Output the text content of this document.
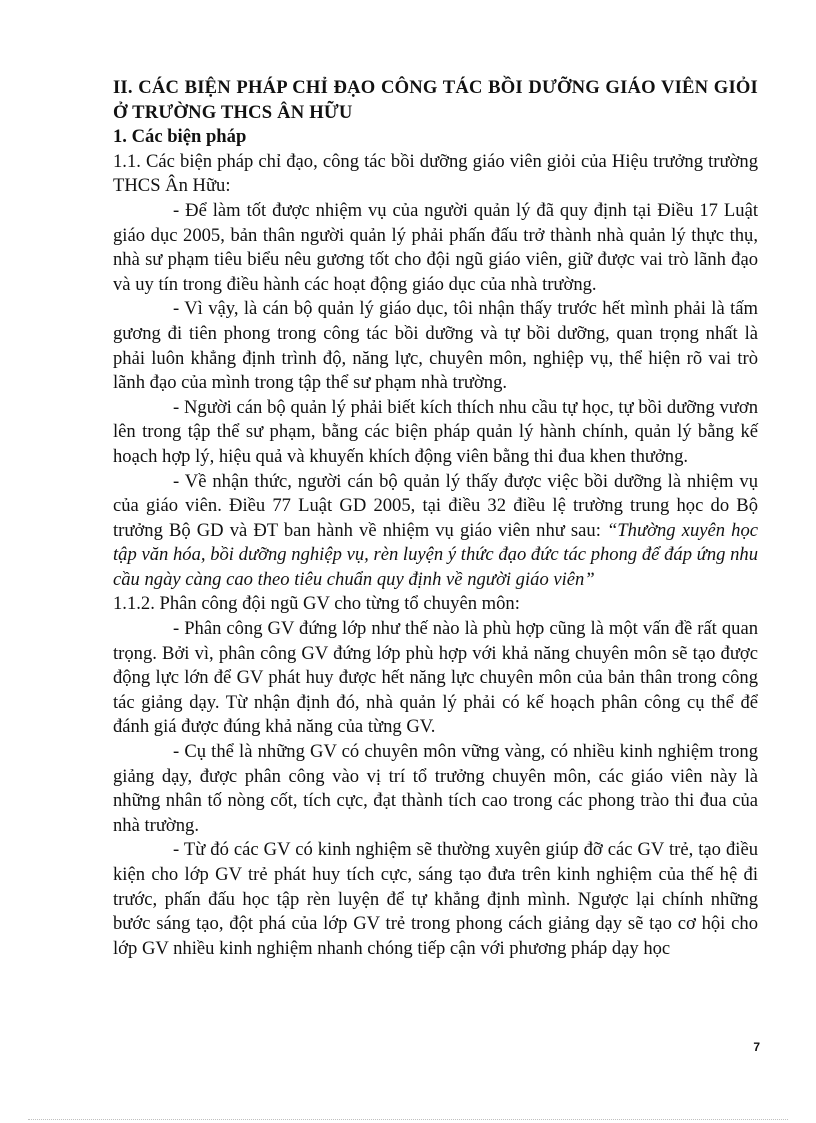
II. CÁC BIỆN PHÁP CHỈ ĐẠO CÔNG TÁC BỒI DƯỠNG GIÁO VIÊN GIỎI Ở TRƯỜNG THCS ÂN HỮU

1. Các biện pháp

1.1. Các biện pháp chỉ đạo, công tác bồi dưỡng giáo viên giỏi của Hiệu trưởng trường THCS Ân Hữu:

- Để làm tốt được nhiệm vụ của người quản lý đã quy định tại Điều 17 Luật giáo dục 2005, bản thân người quản lý phải phấn đấu trở thành nhà quản lý thực thụ, nhà sư phạm tiêu biểu nêu gương tốt cho đội ngũ giáo viên, giữ được vai trò lãnh đạo và uy tín trong điều hành các hoạt động giáo dục của nhà trường.

- Vì vậy, là cán bộ quản lý giáo dục, tôi nhận thấy trước hết mình phải là tấm gương đi tiên phong trong công tác bồi dưỡng và tự bồi dưỡng, quan trọng nhất là phải luôn khẳng định trình độ, năng lực, chuyên môn, nghiệp vụ, thể hiện rõ vai trò lãnh đạo của mình trong tập thể sư phạm nhà trường.

- Người cán bộ quản lý phải biết kích thích nhu cầu tự học, tự bồi dưỡng vươn lên trong tập thể sư phạm, bằng các biện pháp quản lý hành chính, quản lý bằng kế hoạch hợp lý, hiệu quả và khuyến khích động viên bằng thi đua khen thưởng.

- Về nhận thức, người cán bộ quản lý thấy được việc bồi dưỡng là nhiệm vụ của giáo viên. Điều 77 Luật GD 2005, tại điều 32 điều lệ trường trung học do Bộ trưởng Bộ GD và ĐT ban hành về nhiệm vụ giáo viên như sau: “Thường xuyên học tập văn hóa, bồi dưỡng nghiệp vụ, rèn luyện ý thức đạo đức tác phong để đáp ứng nhu cầu ngày càng cao theo tiêu chuẩn quy định về người giáo viên”

1.1.2. Phân công đội ngũ GV cho từng tổ chuyên môn:

- Phân công GV đứng lớp như thế nào là phù hợp cũng là một vấn đề rất quan trọng. Bởi vì, phân công GV đứng lớp phù hợp với khả năng chuyên môn sẽ tạo được động lực lớn để GV phát huy được hết năng lực chuyên môn của bản thân trong công tác giảng dạy. Từ nhận định đó, nhà quản lý phải có kế hoạch phân công cụ thể để đánh giá được đúng khả năng của từng GV.

- Cụ thể là những GV có chuyên môn vững vàng, có nhiều kinh nghiệm trong giảng dạy, được phân công vào vị trí tổ trưởng chuyên môn, các giáo viên này là những nhân tố nòng cốt, tích cực, đạt thành tích cao trong các phong trào thi đua của nhà trường.

- Từ đó các GV có kinh nghiệm sẽ thường xuyên giúp đỡ các GV trẻ, tạo điều kiện cho lớp GV trẻ phát huy tích cực, sáng tạo đưa trên kinh nghiệm của thế hệ đi trước, phấn đấu học tập rèn luyện để tự khẳng định mình. Ngược lại chính những bước sáng tạo, đột phá của lớp GV trẻ trong phong cách giảng dạy sẽ tạo cơ hội cho lớp GV nhiều kinh nghiệm nhanh chóng tiếp cận với phương pháp dạy học

7
